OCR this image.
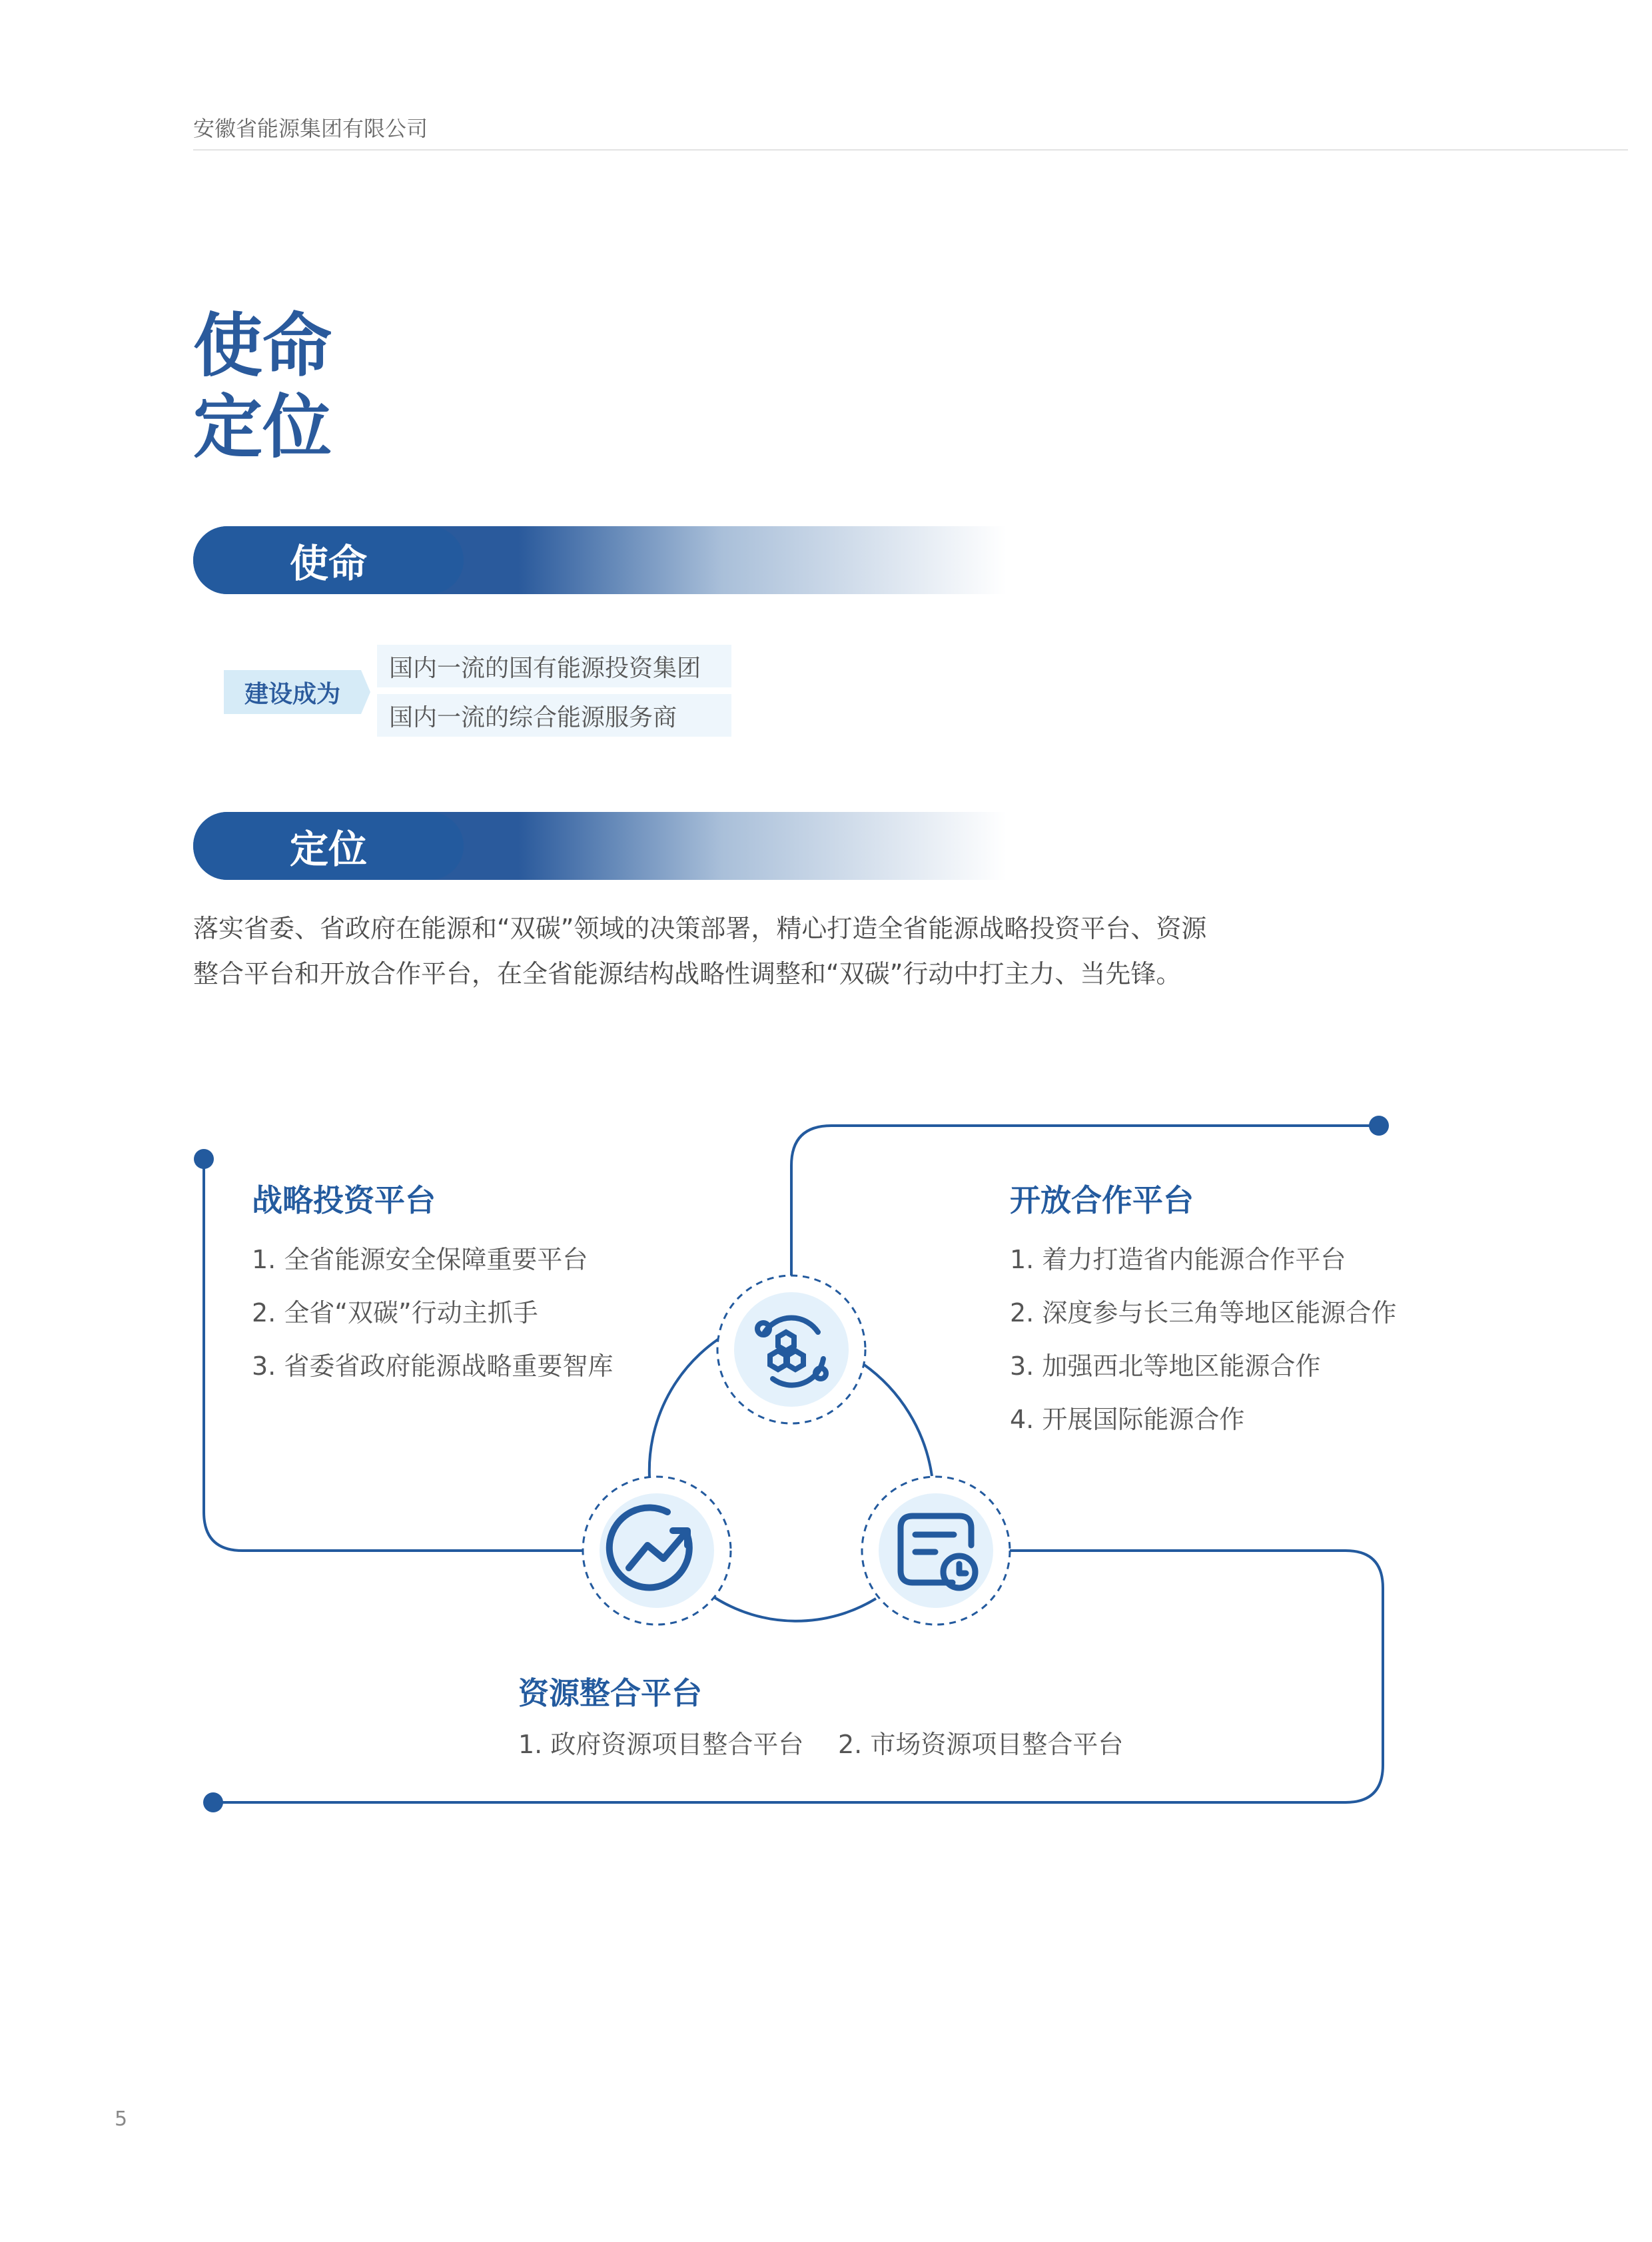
安徽省能源集团有限公司
使命
定位
使命
建设成为
国内一流的国有能源投资集团
国内一流的综合能源服务商
定位
落实省委、省政府在能源和“双碳”领域的决策部署，精心打造全省能源战略投资平台、资源
整合平台和开放合作平台，在全省能源结构战略性调整和“双碳”行动中打主力、当先锋。
战略投资平台
1. 全省能源安全保障重要平台
2. 全省“双碳”行动主抓手
3. 省委省政府能源战略重要智库
开放合作平台
1. 着力打造省内能源合作平台
2. 深度参与长三角等地区能源合作
3. 加强西北等地区能源合作
4. 开展国际能源合作
资源整合平台
1. 政府资源项目整合平台 2. 市场资源项目整合平台
5
